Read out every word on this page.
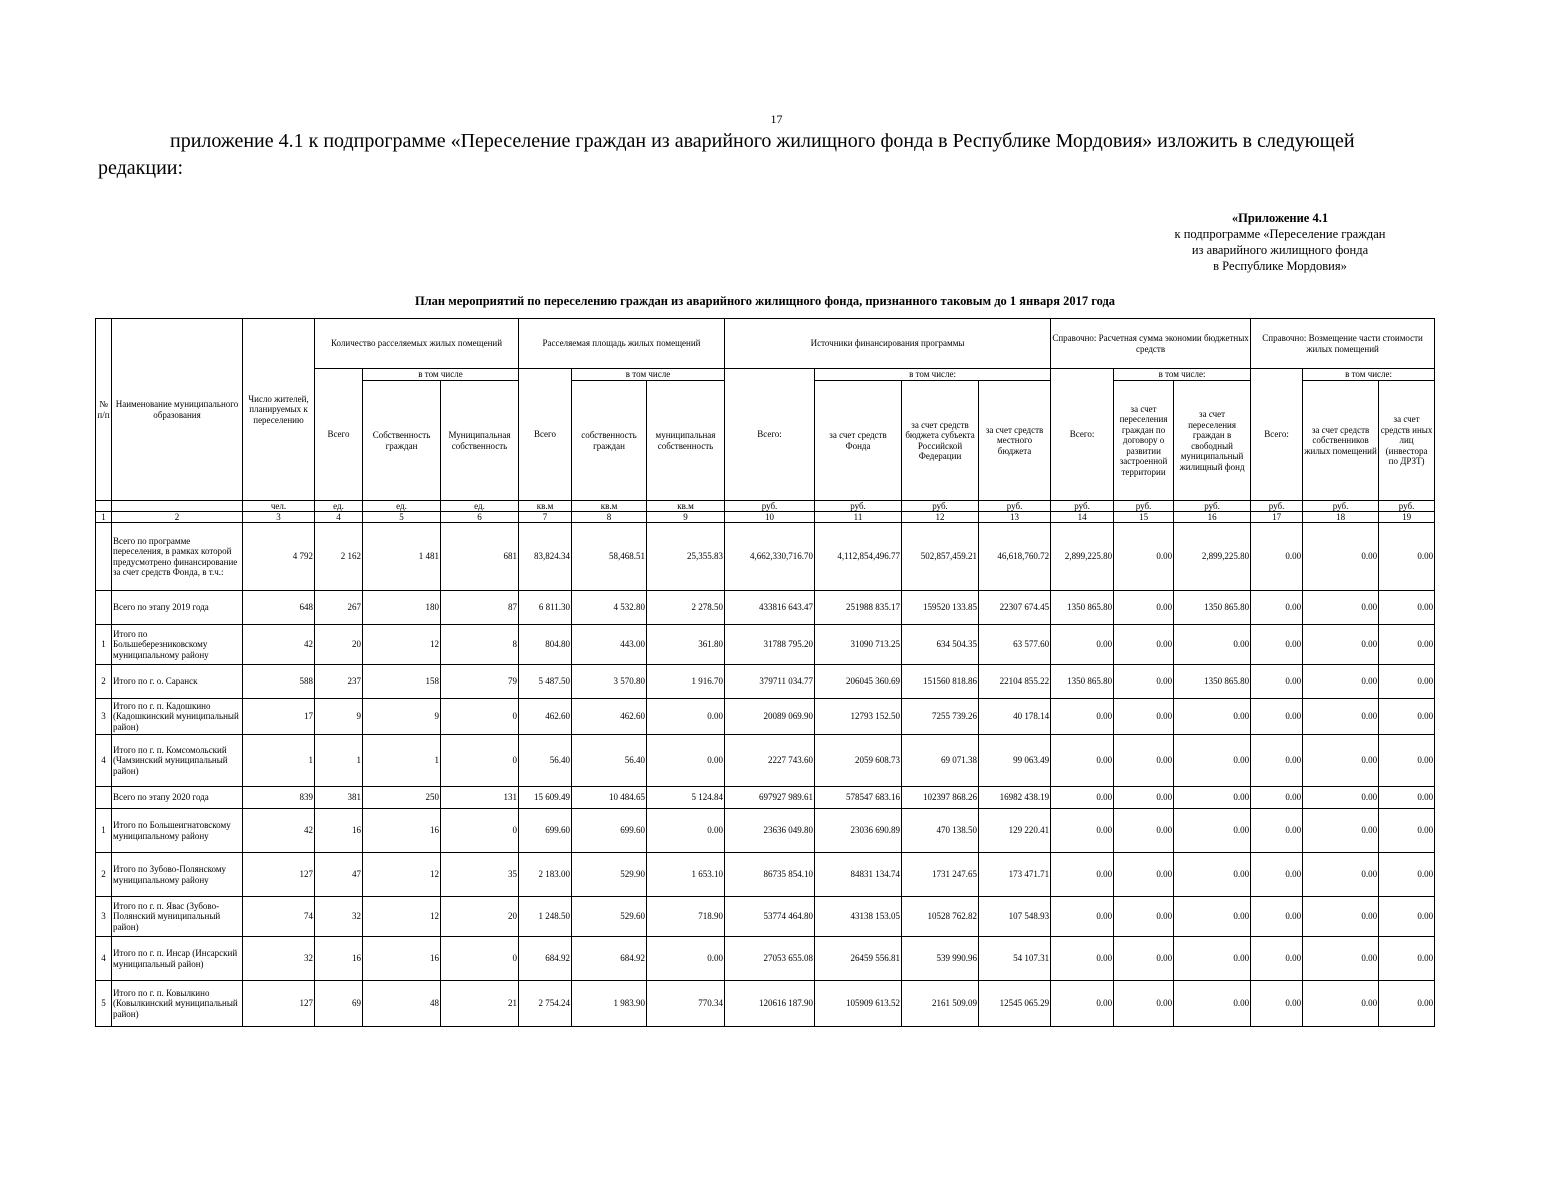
17
приложение 4.1 к подпрограмме «Переселение граждан из аварийного жилищного фонда в Республике Мордовия» изложить в следующей редакции:
«Приложение 4.1
к подпрограмме «Переселение граждан
из аварийного жилищного фонда
в Республике Мордовия»
План мероприятий по переселению граждан из аварийного жилищного фонда, признанного таковым до 1 января 2017 года
№ п/п	Наименование муниципального образования	Число жителей, планируемых к переселению	Количество расселяемых жилых помещений			Расселяемая площадь жилых помещений			Источники финансирования программы				Справочно: Расчетная сумма экономии бюджетных средств			Справочно: Возмещение части стоимости жилых помещений		
			Всего	в том числе		Всего	в том числе		Всего:	в том числе:			Всего:	в том числе:		Всего:	в том числе:	
				Собственность граждан	Муниципальная собственность		собственность граждан	муниципальная собственность		за счет средств Фонда	за счет средств бюджета субъекта Российской Федерации	за счет средств местного бюджета		за счет переселения граждан по договору о развитии застроенной территории	за счет переселения граждан в свободный муниципальный жилищный фонд		за счет средств собственников жилых помещений	за счет средств иных лиц (инвестора по ДРЗТ)
		чел.	ед.	ед.	ед.	кв.м	кв.м	кв.м	руб.	руб.	руб.	руб.	руб.	руб.	руб.	руб.	руб.	руб.
1	2	3	4	5	6	7	8	9	10	11	12	13	14	15	16	17	18	19
	Всего по программе переселения, в рамках которой предусмотрено финансирование за счет средств Фонда, в т.ч.:	4 792	2 162	1 481	681	83,824.34	58,468.51	25,355.83	4,662,330,716.70	4,112,854,496.77	502,857,459.21	46,618,760.72	2,899,225.80	0.00	2,899,225.80	0.00	0.00	0.00
	Всего по этапу 2019 года	648	267	180	87	6 811.30	4 532.80	2 278.50	433816 643.47	251988 835.17	159520 133.85	22307 674.45	1350 865.80	0.00	1350 865.80	0.00	0.00	0.00
1	Итого по Большеберезниковскому муниципальному району	42	20	12	8	804.80	443.00	361.80	31788 795.20	31090 713.25	634 504.35	63 577.60	0.00	0.00	0.00	0.00	0.00	0.00
2	Итого по г. о. Саранск	588	237	158	79	5 487.50	3 570.80	1 916.70	379711 034.77	206045 360.69	151560 818.86	22104 855.22	1350 865.80	0.00	1350 865.80	0.00	0.00	0.00
3	Итого по г. п. Кадошкино (Кадошкинский муниципальный район)	17	9	9	0	462.60	462.60	0.00	20089 069.90	12793 152.50	7255 739.26	40 178.14	0.00	0.00	0.00	0.00	0.00	0.00
4	Итого по г. п. Комсомольский (Чамзинский муниципальный район)	1	1	1	0	56.40	56.40	0.00	2227 743.60	2059 608.73	69 071.38	99 063.49	0.00	0.00	0.00	0.00	0.00	0.00
	Всего по этапу 2020 года	839	381	250	131	15 609.49	10 484.65	5 124.84	697927 989.61	578547 683.16	102397 868.26	16982 438.19	0.00	0.00	0.00	0.00	0.00	0.00
1	Итого по Большеигнатовскому муниципальному району	42	16	16	0	699.60	699.60	0.00	23636 049.80	23036 690.89	470 138.50	129 220.41	0.00	0.00	0.00	0.00	0.00	0.00
2	Итого по Зубово-Полянскому муниципальному району	127	47	12	35	2 183.00	529.90	1 653.10	86735 854.10	84831 134.74	1731 247.65	173 471.71	0.00	0.00	0.00	0.00	0.00	0.00
3	Итого по г. п. Явас (Зубово-Полянский муниципальный район)	74	32	12	20	1 248.50	529.60	718.90	53774 464.80	43138 153.05	10528 762.82	107 548.93	0.00	0.00	0.00	0.00	0.00	0.00
4	Итого по г. п. Инсар (Инсарский муниципальный район)	32	16	16	0	684.92	684.92	0.00	27053 655.08	26459 556.81	539 990.96	54 107.31	0.00	0.00	0.00	0.00	0.00	0.00
5	Итого по г. п. Ковылкино (Ковылкинский муниципальный район)	127	69	48	21	2 754.24	1 983.90	770.34	120616 187.90	105909 613.52	2161 509.09	12545 065.29	0.00	0.00	0.00	0.00	0.00	0.00
